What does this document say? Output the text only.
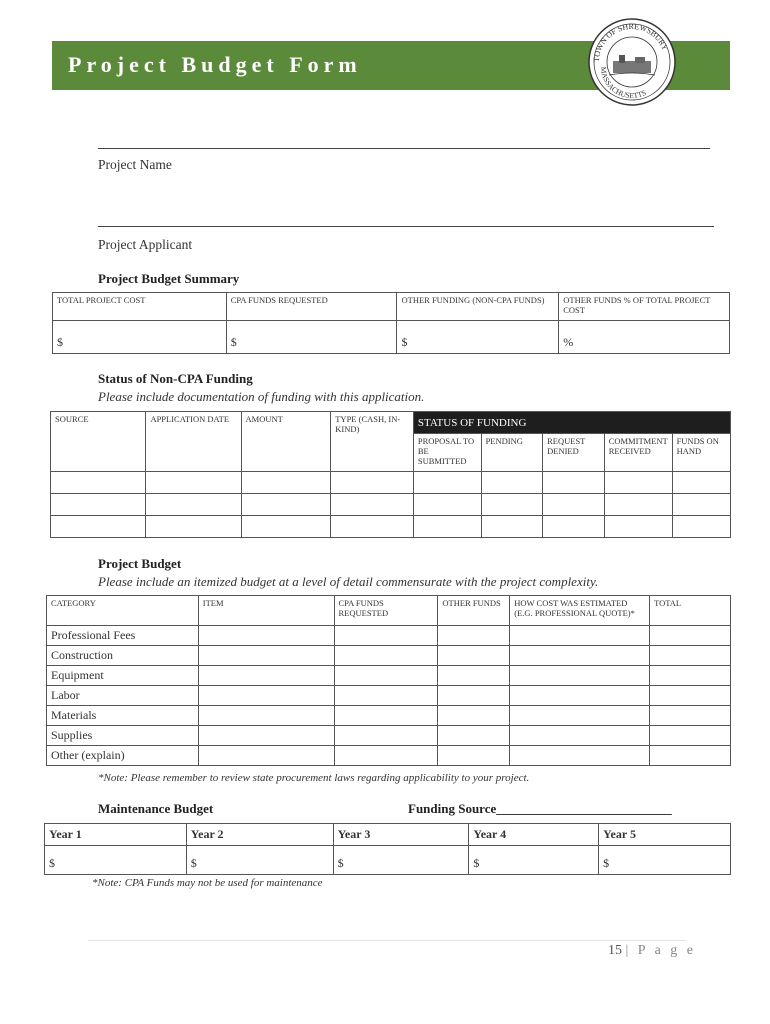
Project Budget Form	TOWN OF SHREWSBURY
MASSACHUSETTS
Project Name
Project Applicant
Project Budget Summary
TOTAL PROJECT COST	CPA FUNDS REQUESTED	OTHER FUNDING (NON-CPA FUNDS)	OTHER FUNDS % OF TOTAL PROJECT COST
$	$	$	%
Status of Non-CPA Funding
Please include documentation of funding with this application.
SOURCE	APPLICATION DATE	AMOUNT	TYPE (CASH, IN-KIND)	STATUS OF FUNDING				
				PROPOSAL TO BE SUBMITTED	PENDING	REQUEST DENIED	COMMITMENT RECEIVED	FUNDS ON HAND

Project Budget
Please include an itemized budget at a level of detail commensurate with the project complexity.
CATEGORY	ITEM	CPA FUNDS REQUESTED	OTHER FUNDS	HOW COST WAS ESTIMATED (E.G. PROFESSIONAL QUOTE)*	TOTAL
Professional Fees					
Construction					
Equipment					
Labor					
Materials					
Supplies					
Other (explain)					
*Note: Please remember to review state procurement laws regarding applicability to your project.
Maintenance Budget	Funding Source___________________________
Year 1	Year 2	Year 3	Year 4	Year 5
$	$	$	$	$
*Note: CPA Funds may not be used for maintenance
15 | P a g e
